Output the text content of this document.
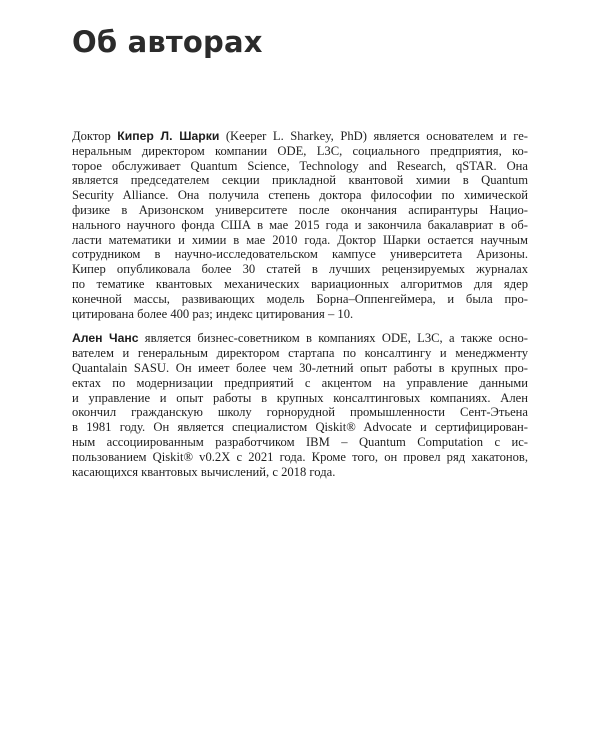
Об авторах

Доктор Кипер Л. Шарки (Keeper L. Sharkey, PhD) является основателем и ге-
неральным директором компании ODE, L3C, социального предприятия, ко-
торое обслуживает Quantum Science, Technology and Research, qSTAR. Она
является председателем секции прикладной квантовой химии в Quantum
Security Alliance. Она получила степень доктора философии по химической
физике в Аризонском университете после окончания аспирантуры Нацио-
нального научного фонда США в мае 2015 года и закончила бакалавриат в об-
ласти математики и химии в мае 2010 года. Доктор Шарки остается научным
сотрудником в научно-исследовательском кампусе университета Аризоны.
Кипер опубликовала более 30 статей в лучших рецензируемых журналах
по тематике квантовых механических вариационных алгоритмов для ядер
конечной массы, развивающих модель Борна–Оппенгеймера, и была про-
цитирована более 400 раз; индекс цитирования – 10.

Ален Чанс является бизнес-советником в компаниях ODE, L3C, а также осно-
вателем и генеральным директором стартапа по консалтингу и менеджменту
Quantalain SASU. Он имеет более чем 30-летний опыт работы в крупных про-
ектах по модернизации предприятий с акцентом на управление данными
и управление и опыт работы в крупных консалтинговых компаниях. Ален
окончил гражданскую школу горнорудной промышленности Сент-Этьена
в 1981 году. Он является специалистом Qiskit® Advocate и сертифицирован-
ным ассоциированным разработчиком IBM – Quantum Computation с ис-
пользованием Qiskit® v0.2X с 2021 года. Кроме того, он провел ряд хакатонов,
касающихся квантовых вычислений, с 2018 года.
